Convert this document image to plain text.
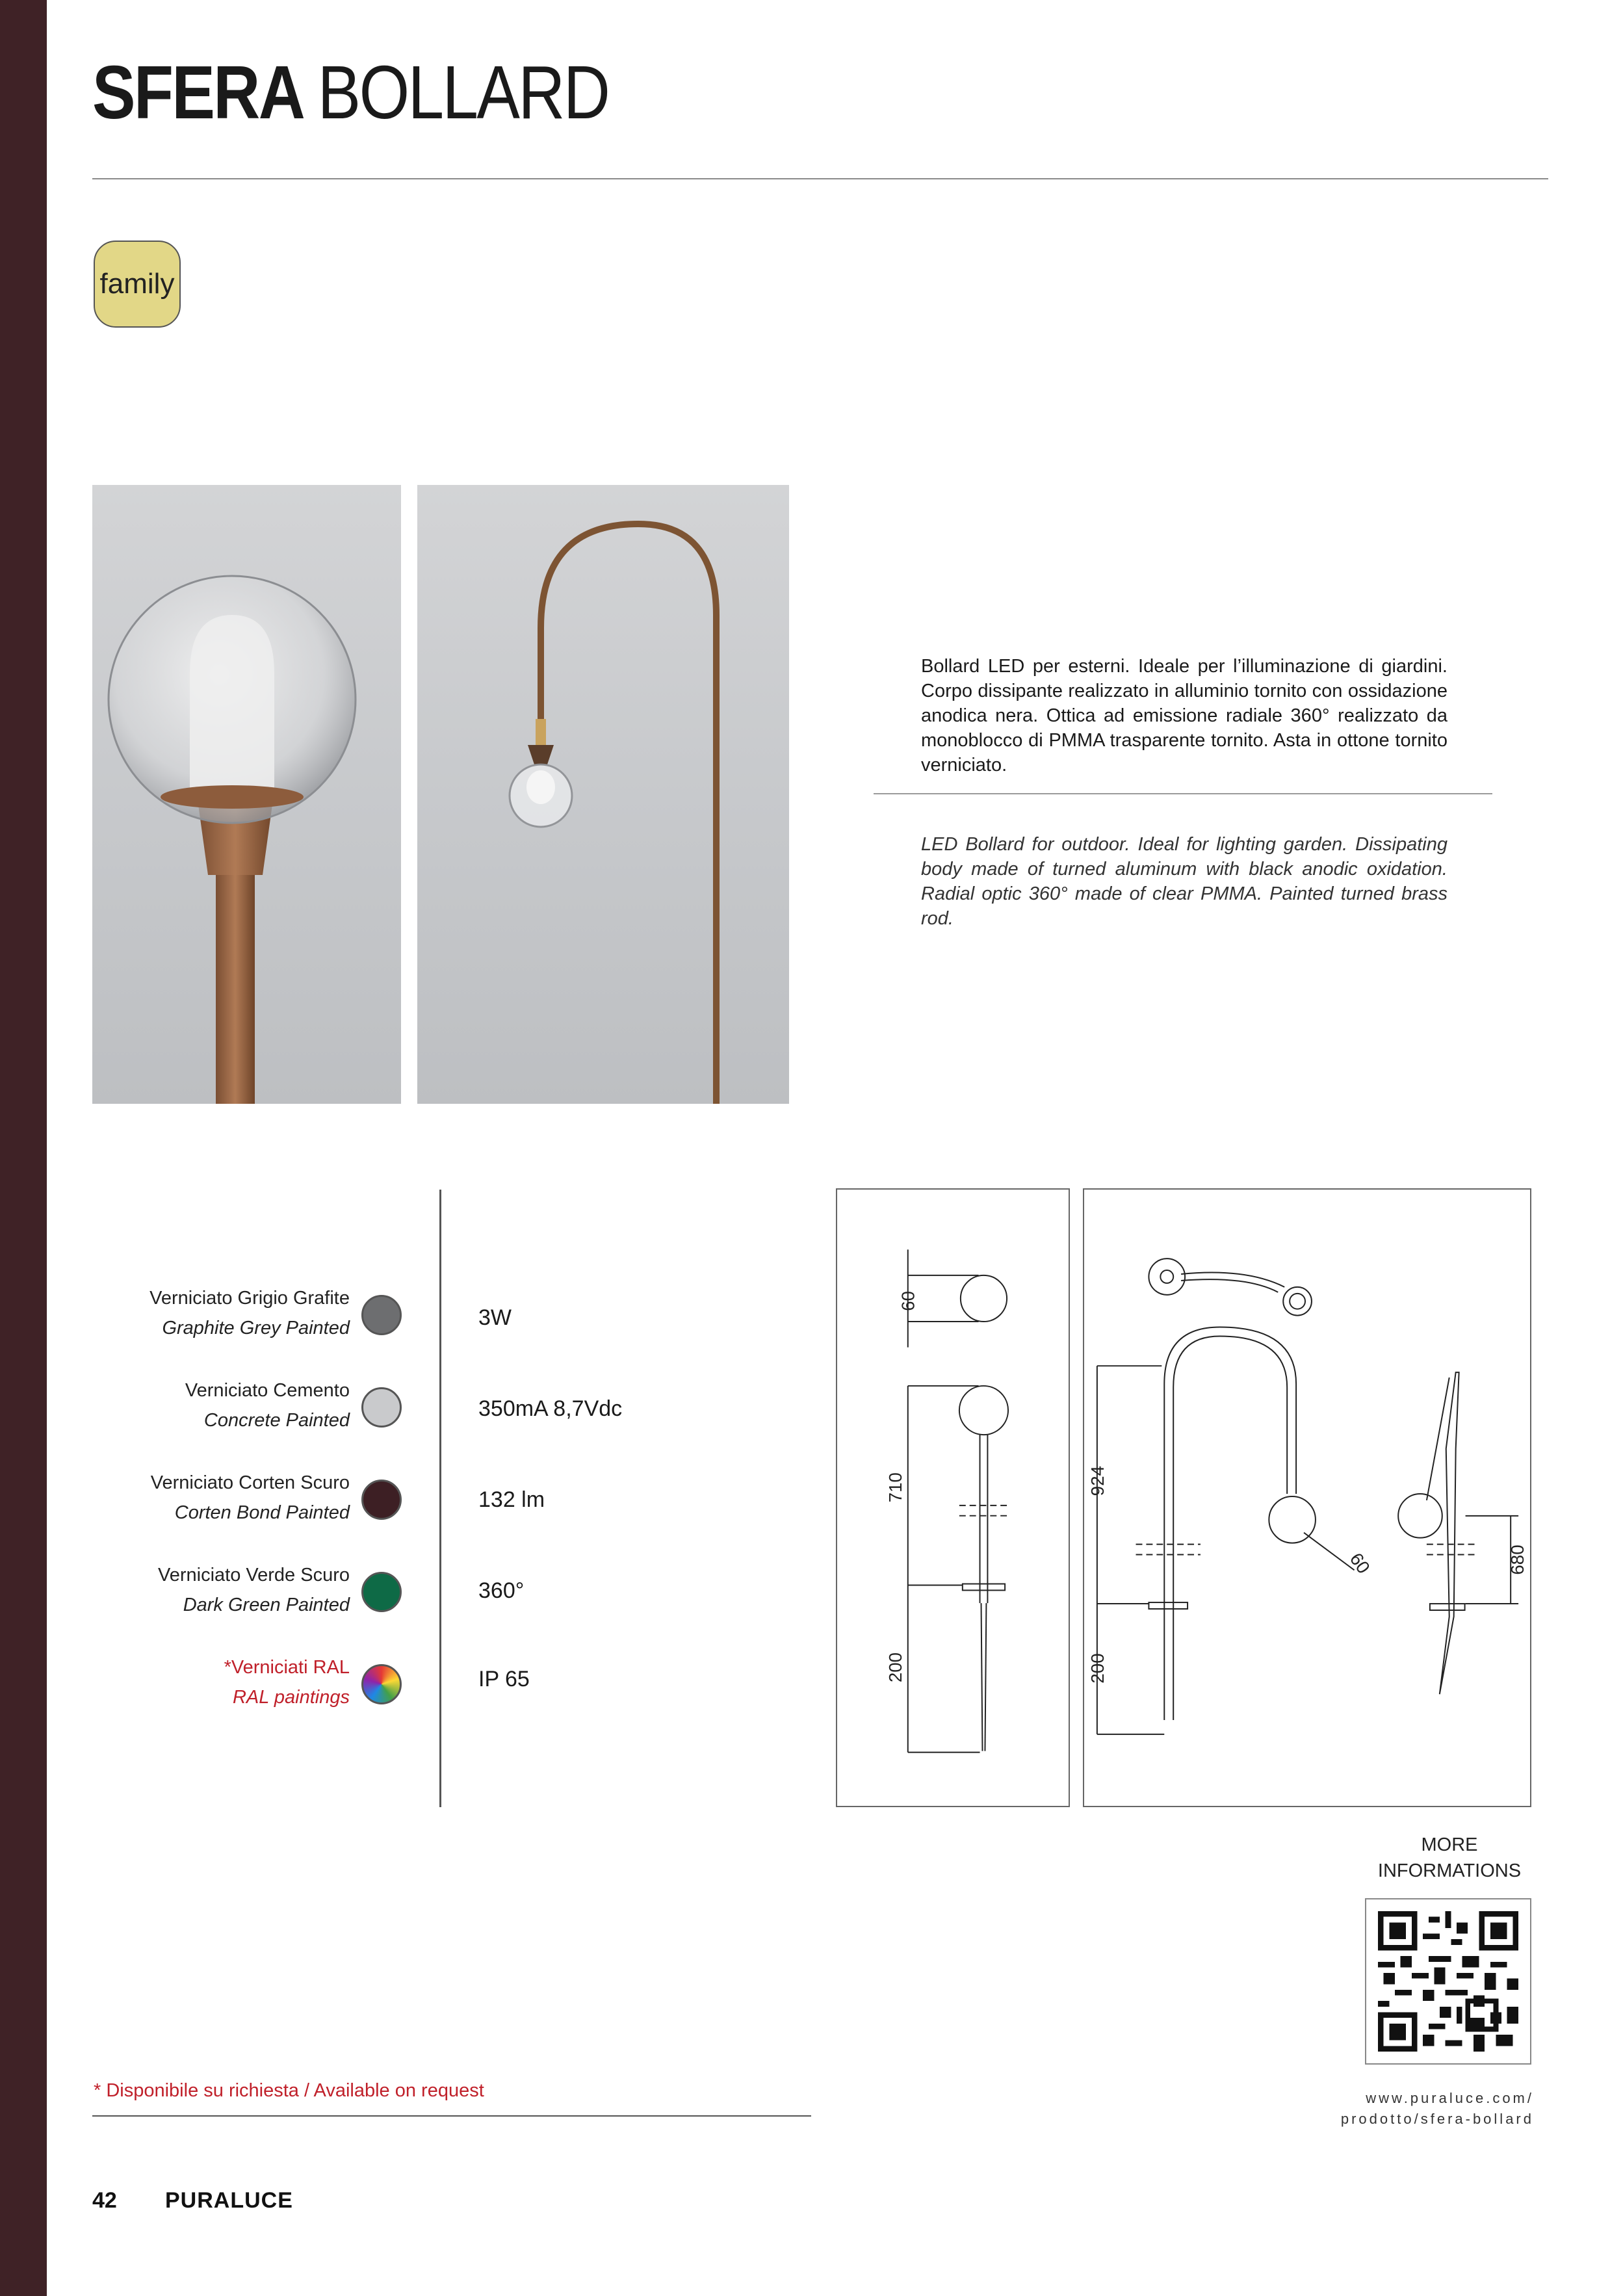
SFERA BOLLARD
family

Bollard LED per esterni. Ideale per l’illuminazione di giardini. Corpo dissipante realizzato in alluminio tornito con ossidazione anodica nera. Ottica ad emissione radiale 360° realizzato da monoblocco di PMMA trasparente tornito. Asta in ottone tornito verniciato.

LED Bollard for outdoor. Ideal for lighting garden. Dissipating body made of turned aluminum with black anodic oxidation. Radial optic 360° made of clear PMMA. Painted turned brass rod.

Verniciato Grigio Grafite
Graphite Grey Painted
Verniciato Cemento
Concrete Painted
Verniciato Corten Scuro
Corten Bond Painted
Verniciato Verde Scuro
Dark Green Painted
*Verniciati RAL
RAL paintings
3W
350mA 8,7Vdc
132 lm
360°
IP 65
60
710
200
924
200
60	680
MORE
INFORMATIONS
www.puraluce.com/
prodotto/sfera-bollard
* Disponibile su richiesta / Available on request
42 PURALUCE
